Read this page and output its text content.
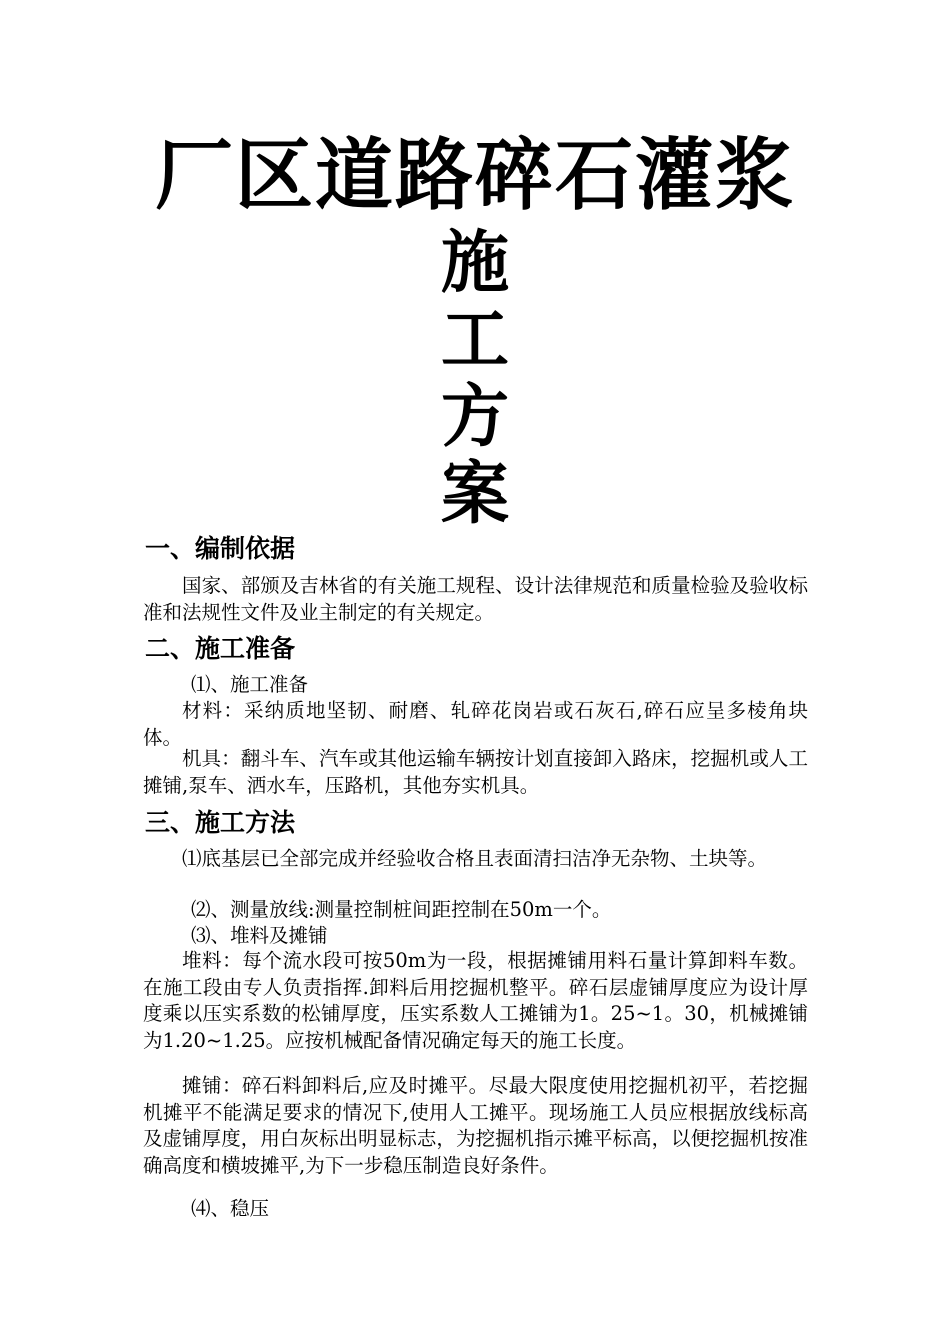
厂区道路碎石灌浆
施
工
方
案
一、编制依据

国家、部颁及吉林省的有关施工规程、设计法律规范和质量检验及验收标准和法规性文件及业主制定的有关规定。

二、施工准备
⑴、施工准备

材料：采纳质地坚韧、耐磨、轧碎花岗岩或石灰石,碎石应呈多棱角块体。

机具：翻斗车、汽车或其他运输车辆按计划直接卸入路床，挖掘机或人工摊铺,泵车、洒水车，压路机，其他夯实机具。

三、施工方法

⑴底基层已全部完成并经验收合格且表面清扫洁净无杂物、土块等。

⑵、测量放线:测量控制桩间距控制在50m一个。
⑶、堆料及摊铺

堆料：每个流水段可按50m为一段，根据摊铺用料石量计算卸料车数。在施工段由专人负责指挥.卸料后用挖掘机整平。碎石层虚铺厚度应为设计厚度乘以压实系数的松铺厚度，压实系数人工摊铺为1。25~1。30，机械摊铺为1.20~1.25。应按机械配备情况确定每天的施工长度。

摊铺：碎石料卸料后,应及时摊平。尽最大限度使用挖掘机初平，若挖掘机摊平不能满足要求的情况下,使用人工摊平。现场施工人员应根据放线标高及虚铺厚度，用白灰标出明显标志，为挖掘机指示摊平标高，以便挖掘机按准确高度和横坡摊平,为下一步稳压制造良好条件。

⑷、稳压
